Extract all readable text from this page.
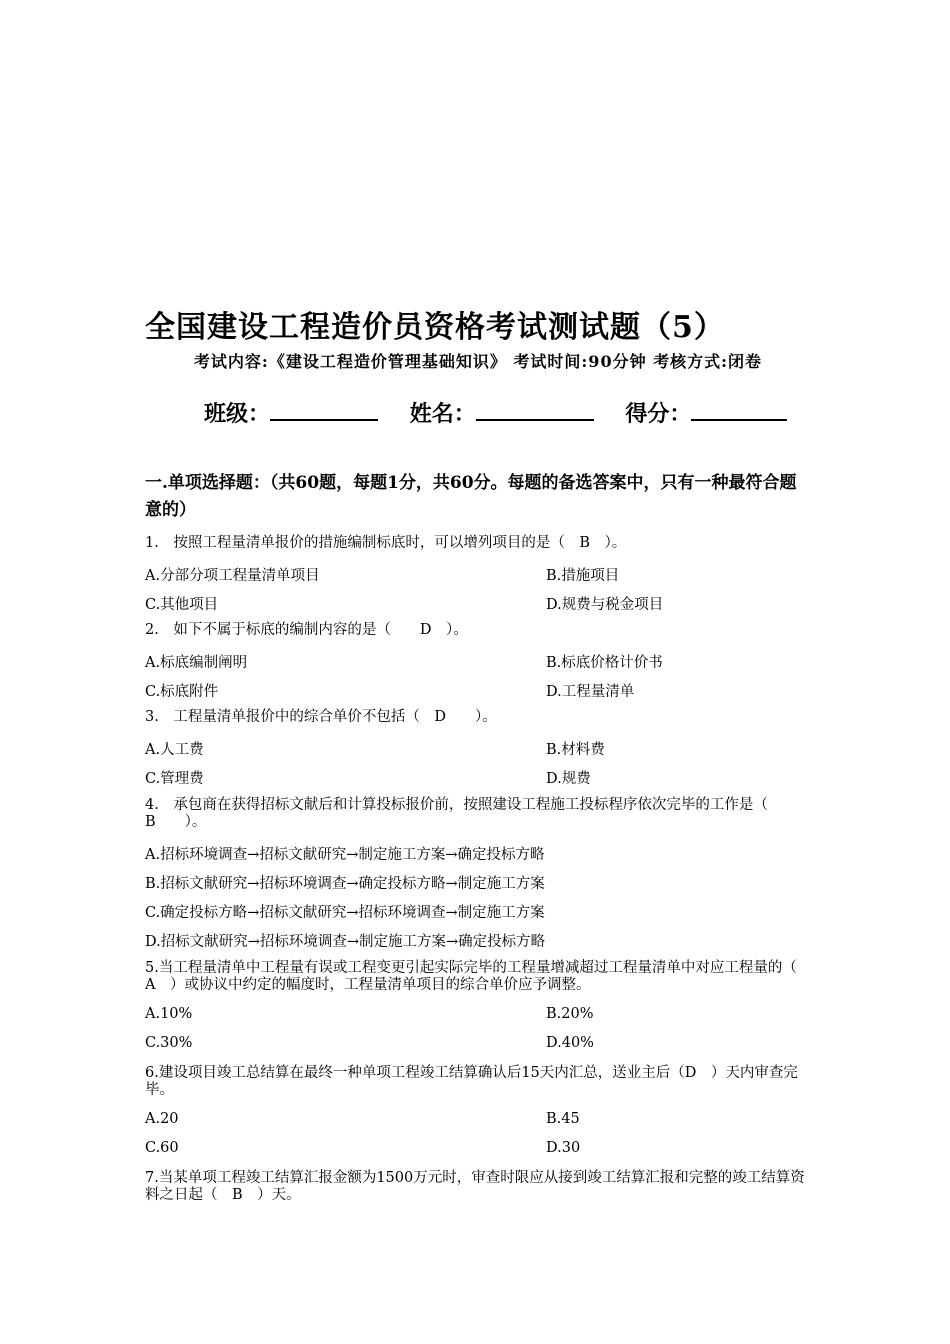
全国建设工程造价员资格考试测试题（5）
考试内容:《建设工程造价管理基础知识》 考试时间:90分钟 考核方式:闭卷
班级：	姓名：	得分：
一.单项选择题：（共60题，每题1分，共60分。每题的备选答案中，只有一种最符合题意的）
1.　按照工程量清单报价的措施编制标底时，可以增列项目的是（　B　）。
A.分部分项工程量清单项目	B.措施项目
C.其他项目	D.规费与税金项目
2.　如下不属于标底的编制内容的是（　　D　）。
A.标底编制阐明	B.标底价格计价书
C.标底附件	D.工程量清单
3.　工程量清单报价中的综合单价不包括（　D　　）。
A.人工费	B.材料费
C.管理费	D.规费
4.　承包商在获得招标文献后和计算投标报价前，按照建设工程施工投标程序依次完毕的工作是（　B　　）。
A.招标环境调查→招标文献研究→制定施工方案→确定投标方略
B.招标文献研究→招标环境调查→确定投标方略→制定施工方案
C.确定投标方略→招标文献研究→招标环境调查→制定施工方案
D.招标文献研究→招标环境调查→制定施工方案→确定投标方略
5.当工程量清单中工程量有误或工程变更引起实际完毕的工程量增减超过工程量清单中对应工程量的（　A　）或协议中约定的幅度时，工程量清单项目的综合单价应予调整。
A.10%	B.20%
C.30%	D.40%
6.建设项目竣工总结算在最终一种单项工程竣工结算确认后15天内汇总，送业主后（D　）天内审查完毕。
A.20	B.45
C.60	D.30
7.当某单项工程竣工结算汇报金额为1500万元时，审查时限应从接到竣工结算汇报和完整的竣工结算资料之日起（　B　）天。
